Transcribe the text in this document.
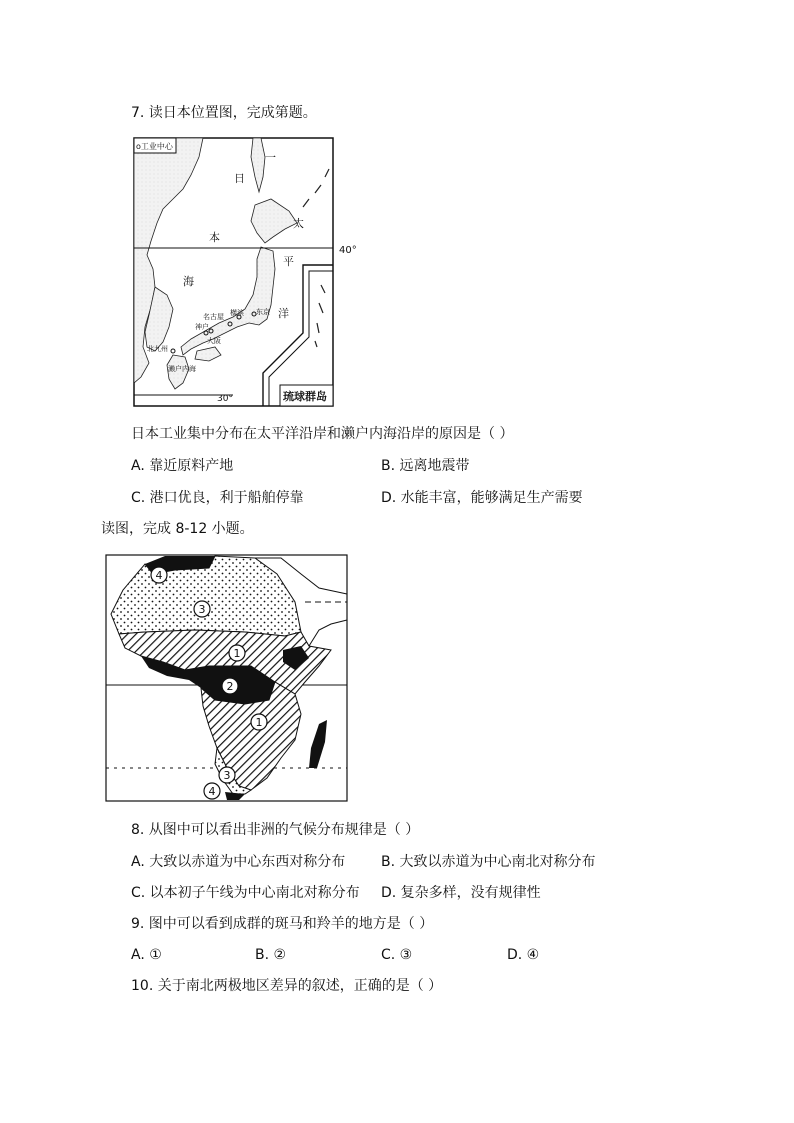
7. 读日本位置图，完成第题。
40°
琉球群岛
o工业中心
一
日
本
海
太
平
洋
名古屋 横滨 东京
神户
大阪
北九州
濑户内海
30°
日本工业集中分布在太平洋沿岸和濑户内海沿岸的原因是（ ）
A. 靠近原料产地	B. 远离地震带
C. 港口优良，利于船舶停靠	D. 水能丰富，能够满足生产需要
读图，完成 8-12 小题。
4
3
1
2
1
3
4
8. 从图中可以看出非洲的气候分布规律是（ ）
A. 大致以赤道为中心东西对称分布	B. 大致以赤道为中心南北对称分布
C. 以本初子午线为中心南北对称分布 D. 复杂多样，没有规律性
9. 图中可以看到成群的斑马和羚羊的地方是（ ）
A. ①	B. ②	C. ③	D. ④
10. 关于南北两极地区差异的叙述，正确的是（ ）
